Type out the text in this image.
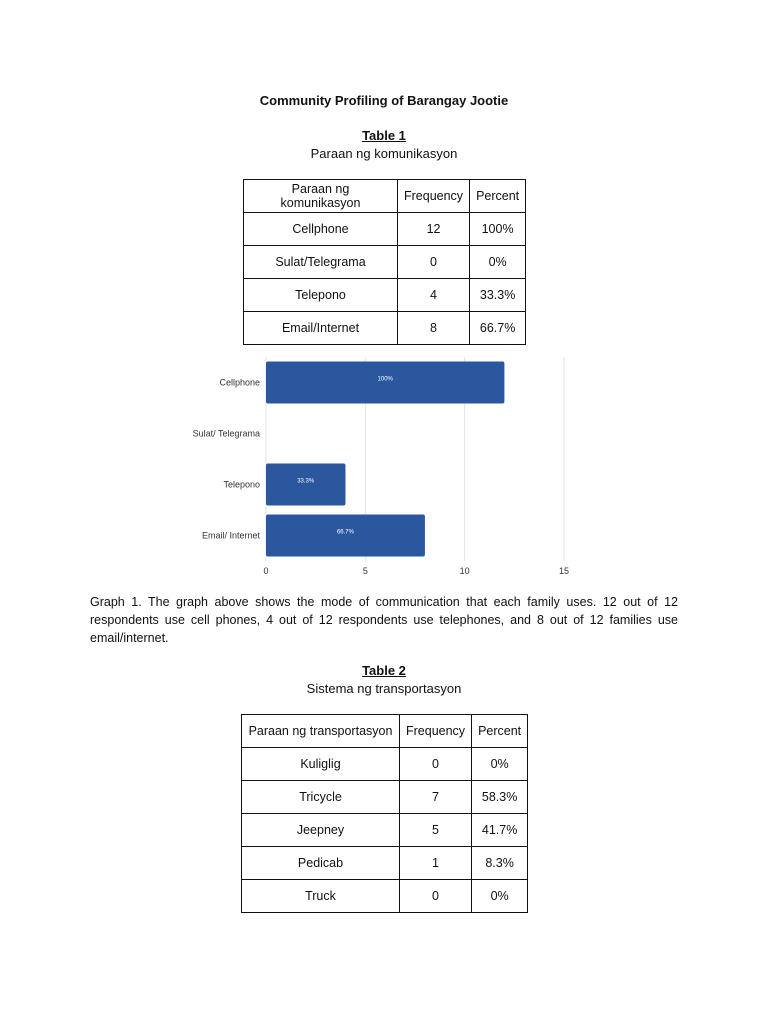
Community Profiling of Barangay Jootie
Table 1
Paraan ng komunikasyon
Paraan ng komunikasyon	Frequency	Percent
Cellphone	12	100%
Sulat/Telegrama	0	0%
Telepono	4	33.3%
Email/Internet	8	66.7%
0	5	10	15
Cellphone	100%
Sulat/ Telegrama
Telepono	33.3%
Email/ Internet	66.7%
Graph 1. The graph above shows the mode of communication that each family uses. 12 out of 12 respondents use cell phones, 4 out of 12 respondents use telephones, and 8 out of 12 families use email/internet.
Table 2
Sistema ng transportasyon
Paraan ng transportasyon	Frequency	Percent
Kuliglig	0	0%
Tricycle	7	58.3%
Jeepney	5	41.7%
Pedicab	1	8.3%
Truck	0	0%
